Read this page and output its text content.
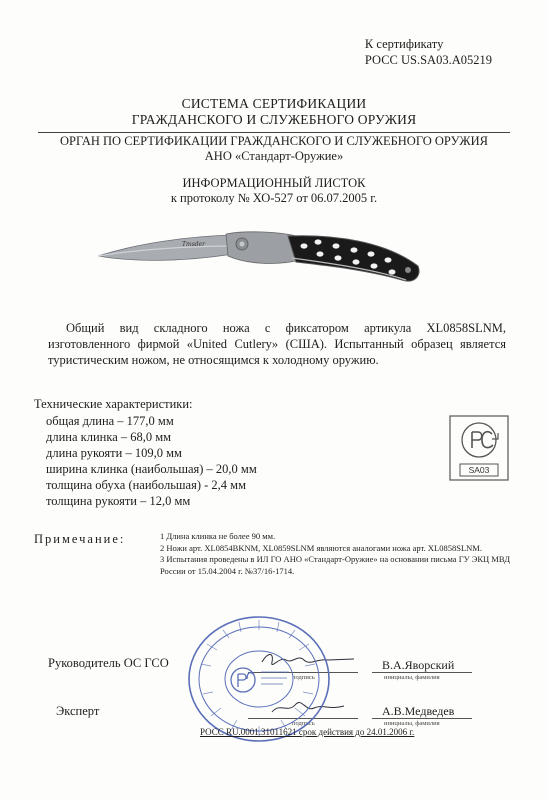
К сертификату
РОСС US.SA03.A05219
СИСТЕМА СЕРТИФИКАЦИИ
ГРАЖДАНСКОГО И СЛУЖЕБНОГО ОРУЖИЯ
ОРГАН ПО СЕРТИФИКАЦИИ ГРАЖДАНСКОГО И СЛУЖЕБНОГО ОРУЖИЯ
АНО «Стандарт-Оружие»
ИНФОРМАЦИОННЫЙ ЛИСТОК
к протоколу № ХО-527 от 06.07.2005 г.
Tmsder
Общий вид складного ножа с фиксатором артикула XL0858SLNM, изготовленного фирмой «United Cutlery» (США). Испытанный образец является туристическим ножом, не относящимся к холодному оружию.
Технические характеристики:
общая длина – 177,0 мм
длина клинка – 68,0 мм
длина рукояти – 109,0 мм
ширина клинка (наибольшая) – 20,0 мм
толщина обуха (наибольшая) - 2,4 мм
толщина рукояти – 12,0 мм
SA03
Примечание:	1 Длина клинка не более 90 мм.
2 Ножи арт. XL0854BKNM, XL0859SLNM являются аналогами ножа арт. XL0858SLNM.
3 Испытания проведены в ИЛ ГО АНО «Стандарт-Оружие» на основании письма ГУ ЭКЦ МВД России от 15.04.2004 г. №37/16-1714.
Руководитель ОС ГСО
подпись
В.А.Яворский
инициалы, фамилия
Эксперт
подпись
А.В.Медведев
инициалы, фамилия
РОСС RU.0001.31011621 срок действия до 24.01.2006 г.
